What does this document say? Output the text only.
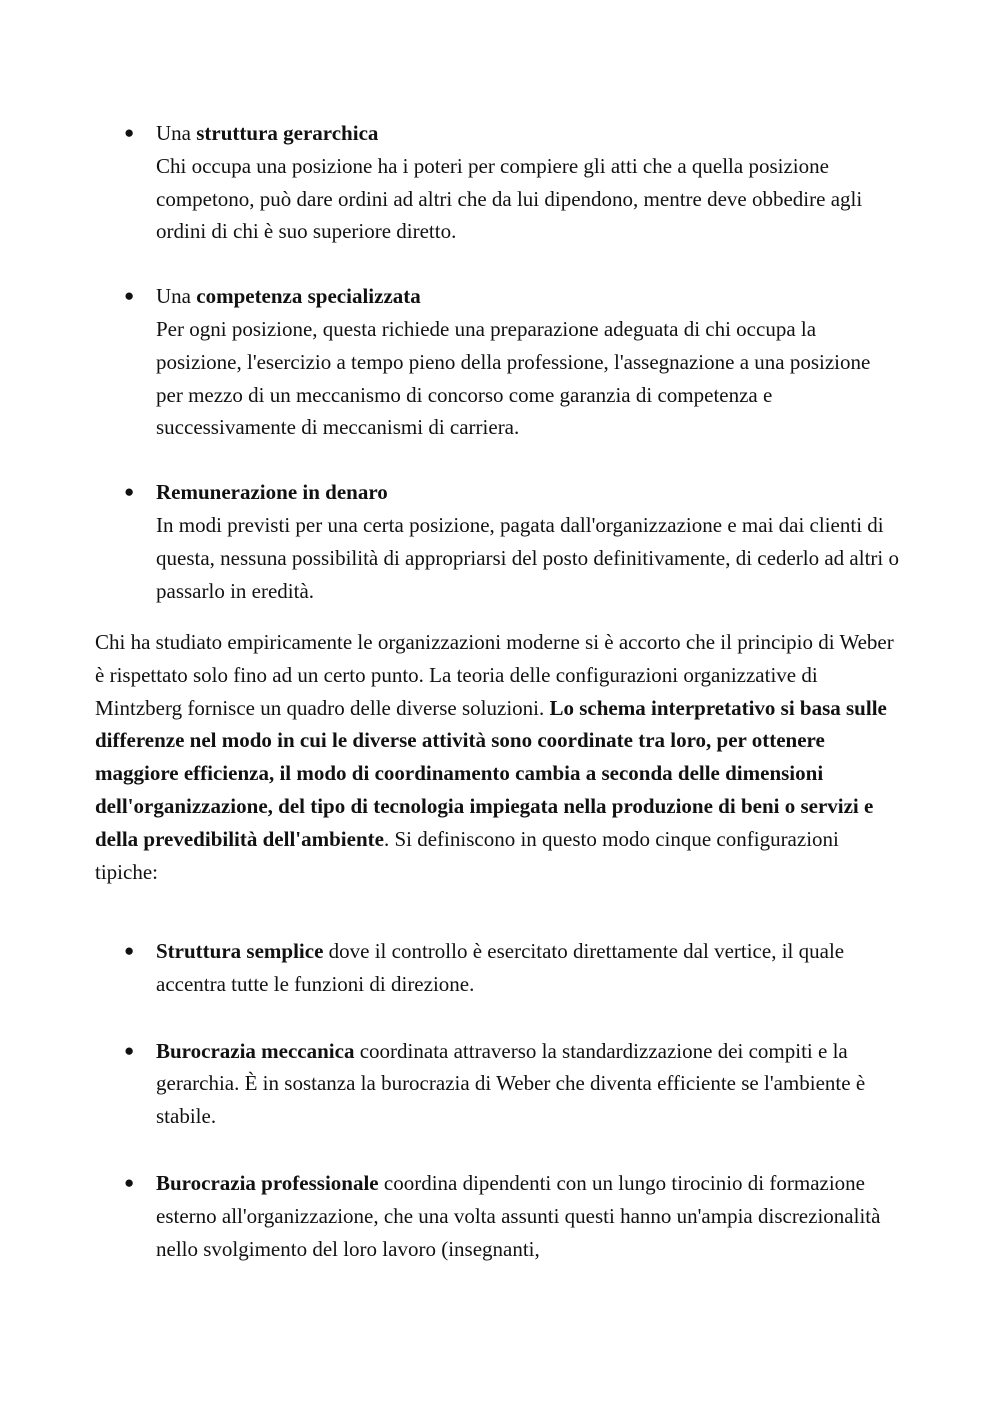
● Una struttura gerarchica
Chi occupa una posizione ha i poteri per compiere gli atti che a quella posizione competono, può dare ordini ad altri che da lui dipendono, mentre deve obbedire agli ordini di chi è suo superiore diretto.
● Una competenza specializzata
Per ogni posizione, questa richiede una preparazione adeguata di chi occupa la posizione, l'esercizio a tempo pieno della professione, l'assegnazione a una posizione per mezzo di un meccanismo di concorso come garanzia di competenza e successivamente di meccanismi di carriera.
● Remunerazione in denaro
In modi previsti per una certa posizione, pagata dall'organizzazione e mai dai clienti di questa, nessuna possibilità di appropriarsi del posto definitivamente, di cederlo ad altri o passarlo in eredità.

Chi ha studiato empiricamente le organizzazioni moderne si è accorto che il principio di Weber è rispettato solo fino ad un certo punto. La teoria delle configurazioni organizzative di Mintzberg fornisce un quadro delle diverse soluzioni. Lo schema interpretativo si basa sulle differenze nel modo in cui le diverse attività sono coordinate tra loro, per ottenere maggiore efficienza, il modo di coordinamento cambia a seconda delle dimensioni dell'organizzazione, del tipo di tecnologia impiegata nella produzione di beni o servizi e della prevedibilità dell'ambiente. Si definiscono in questo modo cinque configurazioni tipiche:

● Struttura semplice dove il controllo è esercitato direttamente dal vertice, il quale accentra tutte le funzioni di direzione.
● Burocrazia meccanica coordinata attraverso la standardizzazione dei compiti e la gerarchia. È in sostanza la burocrazia di Weber che diventa efficiente se l'ambiente è stabile.
● Burocrazia professionale coordina dipendenti con un lungo tirocinio di formazione esterno all'organizzazione, che una volta assunti questi hanno un'ampia discrezionalità nello svolgimento del loro lavoro (insegnanti,
